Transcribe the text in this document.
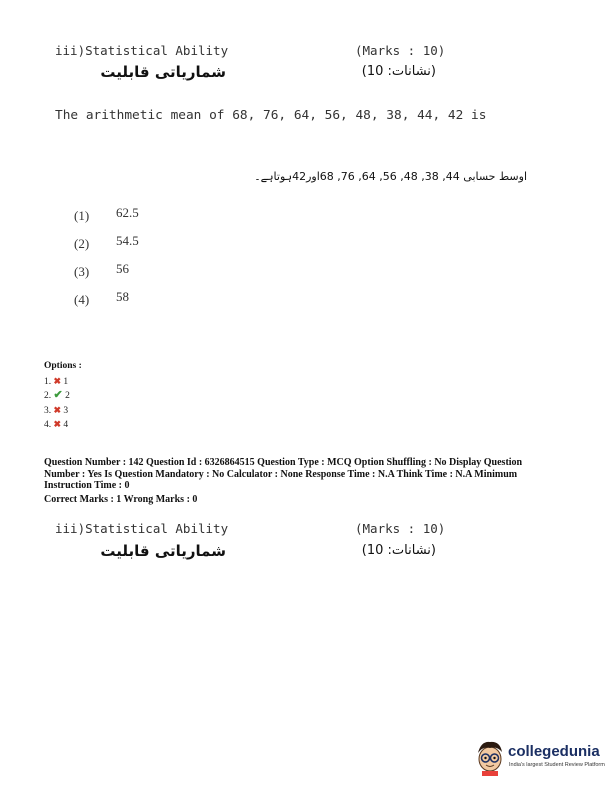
iii)Statistical Ability	(Marks : 10)
شماریاتی قابلیت	(نشانات: 10)
The arithmetic mean of 68, 76, 64, 56, 48, 38, 44, 42 is
اوسط حسابی 44, 38, 48, 56, 64, 76, 68اور42ہوتاہے۔
(1) 62.5
(2) 54.5
(3) 56
(4) 58
Options :
1. ✖ 1
2. ✔ 2
3. ✖ 3
4. ✖ 4
Question Number : 142 Question Id : 6326864515 Question Type : MCQ Option Shuffling : No Display Question
Number : Yes Is Question Mandatory : No Calculator : None Response Time : N.A Think Time : N.A Minimum
Instruction Time : 0
Correct Marks : 1 Wrong Marks : 0
iii)Statistical Ability	(Marks : 10)
شماریاتی قابلیت	(نشانات: 10)
collegedunia
India's largest Student Review Platform
